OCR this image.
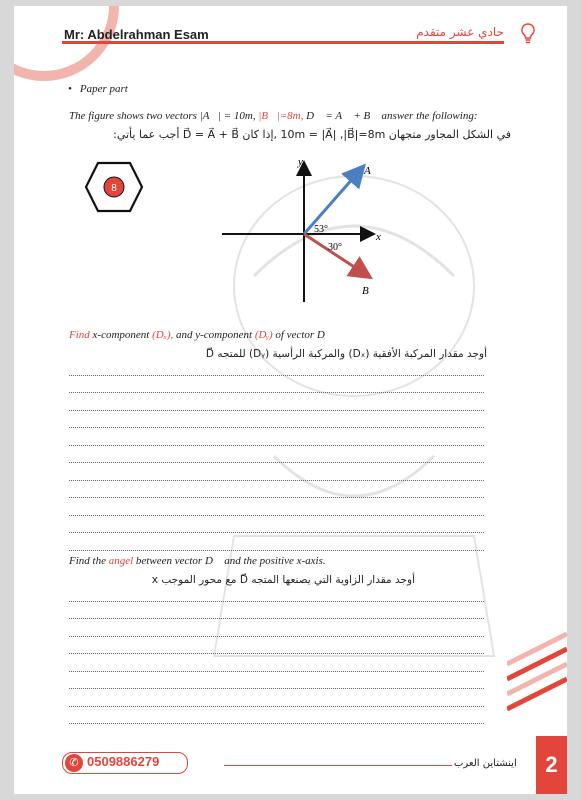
Mr: Abdelrahman Esam	حادي عشر متقدم
• Paper part
The figure shows two vectors |A⃗| = 10m, |B⃗|=8m, D⃗ = A⃗ + B⃗ answer the following:
في الشكل المجاور متجهان 10m = |A⃗| ,|B⃗|=8m ,إذا كان D⃗ = A⃗ + B⃗ أجب عما يأتي:
8
y
x
A⃗
B⃗
53°
30°
Find x-component (Dₓ), and y-component (Dᵧ) of vector D⃗
أوجد مقدار المركبة الأفقية (Dₓ) والمركبة الرأسية (Dᵧ) للمتجه D⃗
Find the angel between vector D⃗ and the positive x-axis.
أوجد مقدار الزاوية التي يصنعها المتجه D⃗ مع محور الموجب x
✆ 0509886279	اينشتاين العرب	2
